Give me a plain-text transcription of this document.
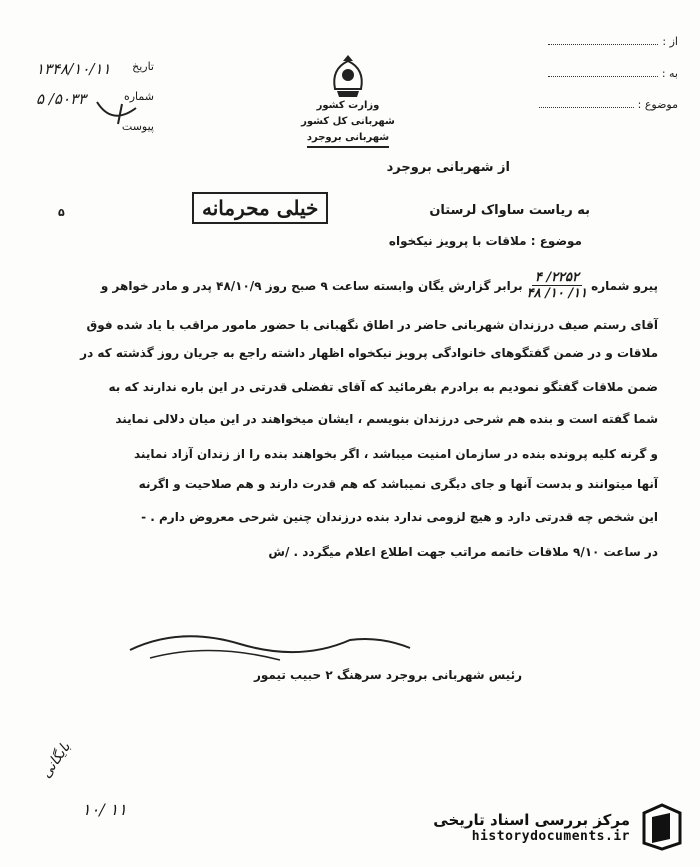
از :
به :
موضوع :
تاریخ
۱۳۴۸/۱۰/۱۱
شماره
۵۰۳۳/ ۵
پیوست
وزارت کشور
شهربانی کل کشور
شهربانی بروجرد
از شهربانی بروجرد
خیلی محرمانه
۵	به ریاست ساواک لرستان
موضوع : ملاقات با پرویز نیکخواه
پیرو شماره
$\frac{۲۲۵۲/ ۴}{۱۱/ ۱۰/ ۴۸}$
برابر گزارش یگان وابسته ساعت ۹ صبح روز ۴۸/۱۰/۹ پدر و مادر خواهر و
آقای رستم صیف درزندان شهربانی حاضر در اطاق نگهبانی با حضور مامور مراقب با یاد شده فوق
ملاقات و در ضمن گفتگوهای خانوادگی پرویز نیکخواه اظهار داشته راجع به جریان روز گذشته که در
ضمن ملاقات گفتگو نمودیم به برادرم بفرمائید که آقای تفضلی قدرتی در این باره ندارند که به
شما گفته است و بنده هم شرحی درزندان بنویسم ، ایشان میخواهند در این میان دلالی نمایند
و گرنه کلیه پرونده بنده در سازمان امنیت میباشد ، اگر بخواهند بنده را از زندان آزاد نمایند
آنها میتوانند و بدست آنها و جای دیگری نمیباشد که هم قدرت دارند و هم صلاحیت و اگرنه
این شخص چه قدرتی دارد و هیچ لزومی ندارد بنده درزندان چنین شرحی معروض دارم . -
در ساعت ۹/۱۰ ملاقات خاتمه مراتب جهت اطلاع اعلام میگردد . /ش
رئیس شهربانی بروجرد سرهنگ ۲ حبیب تیمور
بایگانی
۱۰/ ۱۱
مرکز بررسی اسناد تاریخی
historydocuments.ir
